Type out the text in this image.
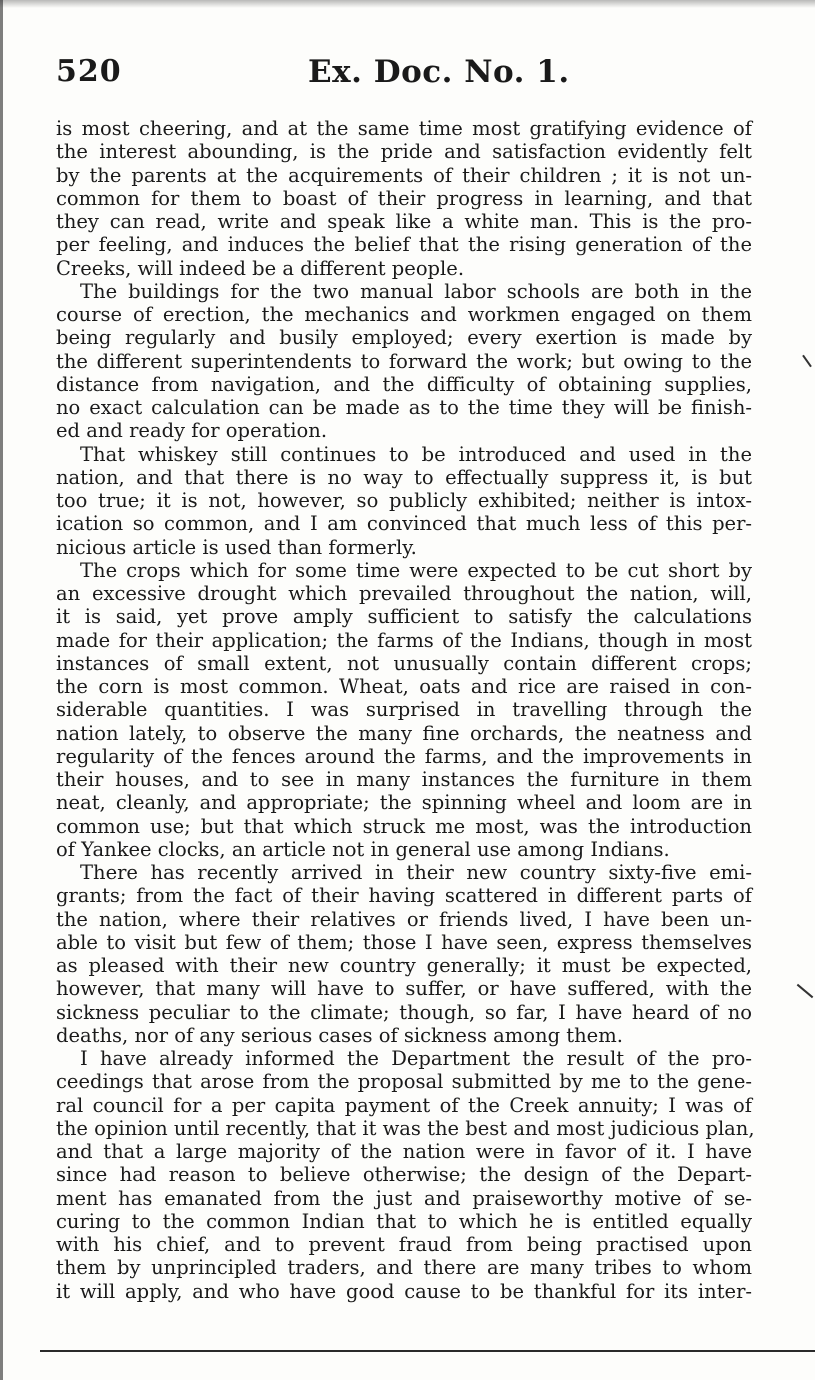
520	Ex. Doc. No. 1.
is most cheering, and at the same time most gratifying evidence of
the interest abounding, is the pride and satisfaction evidently felt
by the parents at the acquirements of their children ; it is not un-
common for them to boast of their progress in learning, and that
they can read, write and speak like a white man. This is the pro-
per feeling, and induces the belief that the rising generation of the
Creeks, will indeed be a different people.
The buildings for the two manual labor schools are both in the
course of erection, the mechanics and workmen engaged on them
being regularly and busily employed; every exertion is made by
the different superintendents to forward the work; but owing to the
distance from navigation, and the difficulty of obtaining supplies,
no exact calculation can be made as to the time they will be finish-
ed and ready for operation.
That whiskey still continues to be introduced and used in the
nation, and that there is no way to effectually suppress it, is but
too true; it is not, however, so publicly exhibited; neither is intox-
ication so common, and I am convinced that much less of this per-
nicious article is used than formerly.
The crops which for some time were expected to be cut short by
an excessive drought which prevailed throughout the nation, will,
it is said, yet prove amply sufficient to satisfy the calculations
made for their application; the farms of the Indians, though in most
instances of small extent, not unusually contain different crops;
the corn is most common. Wheat, oats and rice are raised in con-
siderable quantities. I was surprised in travelling through the
nation lately, to observe the many fine orchards, the neatness and
regularity of the fences around the farms, and the improvements in
their houses, and to see in many instances the furniture in them
neat, cleanly, and appropriate; the spinning wheel and loom are in
common use; but that which struck me most, was the introduction
of Yankee clocks, an article not in general use among Indians.
There has recently arrived in their new country sixty-five emi-
grants; from the fact of their having scattered in different parts of
the nation, where their relatives or friends lived, I have been un-
able to visit but few of them; those I have seen, express themselves
as pleased with their new country generally; it must be expected,
however, that many will have to suffer, or have suffered, with the
sickness peculiar to the climate; though, so far, I have heard of no
deaths, nor of any serious cases of sickness among them.
I have already informed the Department the result of the pro-
ceedings that arose from the proposal submitted by me to the gene-
ral council for a per capita payment of the Creek annuity; I was of
the opinion until recently, that it was the best and most judicious plan,
and that a large majority of the nation were in favor of it. I have
since had reason to believe otherwise; the design of the Depart-
ment has emanated from the just and praiseworthy motive of se-
curing to the common Indian that to which he is entitled equally
with his chief, and to prevent fraud from being practised upon
them by unprincipled traders, and there are many tribes to whom
it will apply, and who have good cause to be thankful for its inter-
